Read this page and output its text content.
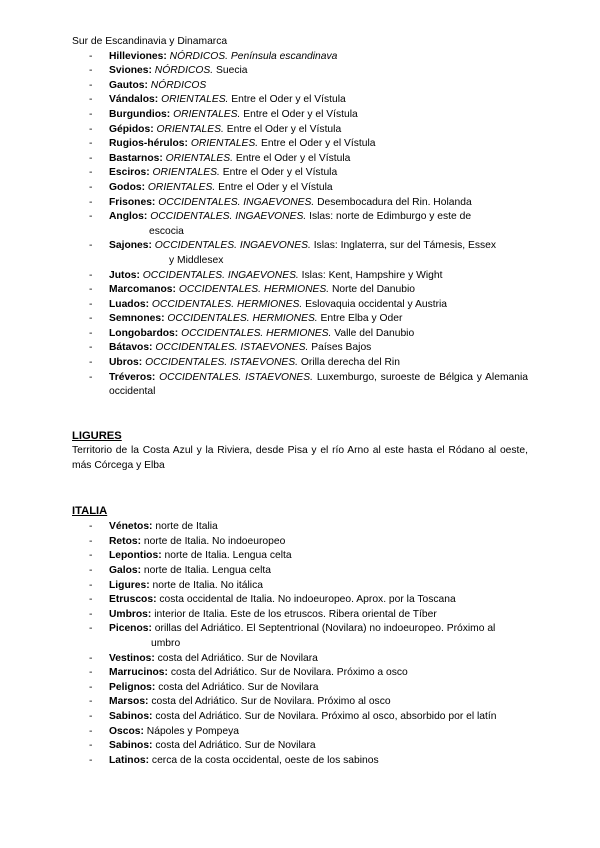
Sur de Escandinavia y Dinamarca

- Hilleviones: NÓRDICOS. Península escandinava
- Sviones: NÓRDICOS. Suecia
- Gautos: NÓRDICOS
- Vándalos: ORIENTALES. Entre el Oder y el Vístula
- Burgundios: ORIENTALES. Entre el Oder y el Vístula
- Gépidos: ORIENTALES. Entre el Oder y el Vístula
- Rugios-hérulos: ORIENTALES. Entre el Oder y el Vístula
- Bastarnos: ORIENTALES. Entre el Oder y el Vístula
- Esciros: ORIENTALES. Entre el Oder y el Vístula
- Godos: ORIENTALES. Entre el Oder y el Vístula
- Frisones: OCCIDENTALES. INGAEVONES. Desembocadura del Rin. Holanda
- Anglos: OCCIDENTALES. INGAEVONES. Islas: norte de Edimburgo y este de
escocia
- Sajones: OCCIDENTALES. INGAEVONES. Islas: Inglaterra, sur del Támesis, Essex
y Middlesex
- Jutos: OCCIDENTALES. INGAEVONES. Islas: Kent, Hampshire y Wight
- Marcomanos: OCCIDENTALES. HERMIONES. Norte del Danubio
- Luados: OCCIDENTALES. HERMIONES. Eslovaquia occidental y Austria
- Semnones: OCCIDENTALES. HERMIONES. Entre Elba y Oder
- Longobardos: OCCIDENTALES. HERMIONES. Valle del Danubio
- Bátavos: OCCIDENTALES. ISTAEVONES. Países Bajos
- Ubros: OCCIDENTALES. ISTAEVONES. Orilla derecha del Rin
- Tréveros: OCCIDENTALES. ISTAEVONES. Luxemburgo, suroeste de Bélgica y Alemania occidental

LIGURES

Territorio de la Costa Azul y la Riviera, desde Pisa y el río Arno al este hasta el Ródano al oeste, más Córcega y Elba

ITALIA

- Vénetos: norte de Italia
- Retos: norte de Italia. No indoeuropeo
- Lepontios: norte de Italia. Lengua celta
- Galos: norte de Italia. Lengua celta
- Ligures: norte de Italia. No itálica
- Etruscos: costa occidental de Italia. No indoeuropeo. Aprox. por la Toscana
- Umbros: interior de Italia. Este de los etruscos. Ribera oriental de Tíber
- Picenos: orillas del Adriático. El Septentrional (Novilara) no indoeuropeo. Próximo al
umbro
- Vestinos: costa del Adriático. Sur de Novilara
- Marrucinos: costa del Adriático. Sur de Novilara. Próximo a osco
- Pelignos: costa del Adriático. Sur de Novilara
- Marsos: costa del Adriático. Sur de Novilara. Próximo al osco
- Sabinos: costa del Adriático. Sur de Novilara. Próximo al osco, absorbido por el latín
- Oscos: Nápoles y Pompeya
- Sabinos: costa del Adriático. Sur de Novilara
- Latinos: cerca de la costa occidental, oeste de los sabinos
